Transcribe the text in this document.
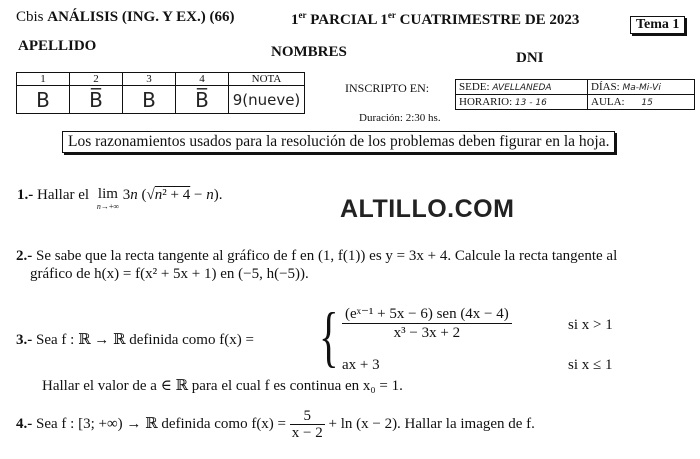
Cbis ANÁLISIS (ING. Y EX.) (66)	1er PARCIAL 1er CUATRIMESTRE DE 2023	Tema 1
APELLIDO	NOMBRES	DNI
1	2	3	4	NOTA
B	B̅	B	B̅	9(nueve)
INSCRIPTO EN:
Duración: 2:30 hs.
SEDE: AVELLANEDA	DÍAS: Ma-Mi-Vi
HORARIO: 13 - 16	AULA: 15
Los razonamientos usados para la resolución de los problemas deben figurar en la hoja.
1.- Hallar el lim
n→+∞
3n (√n² + 4 − n).	ALTILLO.COM
2.- Se sabe que la recta tangente al gráfico de f en (1, f(1)) es y = 3x + 4. Calcule la recta tangente al
gráfico de h(x) = f(x² + 5x + 1) en (−5, h(−5)).
3.- Sea f : ℝ → ℝ definida como f(x) = { (eˣ⁻¹ + 5x − 6) sen (4x − 4)
x³ − 3x + 2	si x > 1
ax + 3	si x ≤ 1
Hallar el valor de a ∈ ℝ para el cual f es continua en x₀ = 1.
4.- Sea f : [3; +∞) → ℝ definida como $f(x) = \frac{5}{x - 2} + \ln (x - 2)$. Hallar la imagen de f.
